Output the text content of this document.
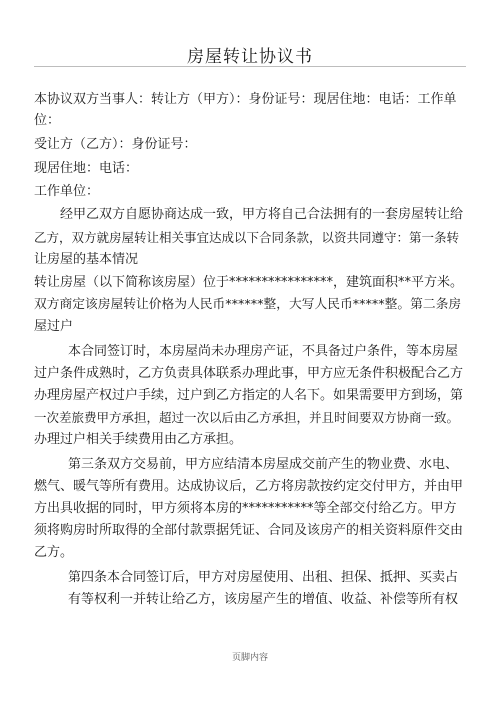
房屋转让协议书
本协议双方当事人：转让方（甲方）：身份证号：现居住地：电话：工作单
位：
受让方（乙方）：身份证号：
现居住地：电话：
工作单位：
经甲乙双方自愿协商达成一致，甲方将自己合法拥有的一套房屋转让给
乙方，双方就房屋转让相关事宜达成以下合同条款，以资共同遵守：第一条转
让房屋的基本情况
转让房屋（以下简称该房屋）位于****************，建筑面积**平方米。
双方商定该房屋转让价格为人民币******整，大写人民币*****整。第二条房
屋过户
本合同签订时，本房屋尚未办理房产证，不具备过户条件，等本房屋
过户条件成熟时，乙方负责具体联系办理此事，甲方应无条件积极配合乙方
办理房屋产权过户手续，过户到乙方指定的人名下。如果需要甲方到场，第
一次差旅费甲方承担，超过一次以后由乙方承担，并且时间要双方协商一致。
办理过户相关手续费用由乙方承担。
第三条双方交易前，甲方应结清本房屋成交前产生的物业费、水电、
燃气、暖气等所有费用。达成协议后，乙方将房款按约定交付甲方，并由甲
方出具收据的同时，甲方须将本房的***********等全部交付给乙方。甲方
须将购房时所取得的全部付款票据凭证、合同及该房产的相关资料原件交由
乙方。
第四条本合同签订后，甲方对房屋使用、出租、担保、抵押、买卖占
有等权利一并转让给乙方，该房屋产生的增值、收益、补偿等所有权
页脚内容
